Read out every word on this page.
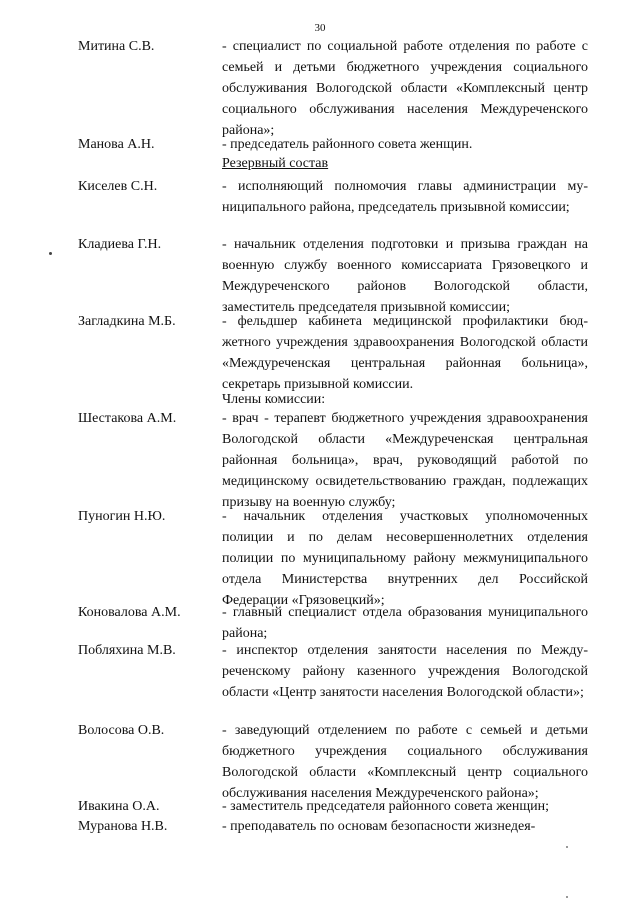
30
Митина С.В.	- специалист по социальной работе отделения по работе с семьей и детьми бюджетного учреждения социального обслуживания Вологодской области «Комплексный центр социального обслуживания населения Междуреченского района»;
Манова А.Н.	- председатель районного совета женщин.
Резервный состав
Киселев С.Н.	- исполняющий полномочия главы администрации муниципального района, председатель призывной комиссии;
Кладиева Г.Н.	- начальник отделения подготовки и призыва граждан на военную службу военного комиссариата Грязовецкого и Междуреченского районов Вологодской области, заместитель председателя призывной комиссии;
Загладкина М.Б.	- фельдшер кабинета медицинской профилактики бюджетного учреждения здравоохранения Вологодской области «Междуреченская центральная районная больница», секретарь призывной комиссии.
Члены комиссии:
Шестакова А.М.	- врач - терапевт бюджетного учреждения здравоохранения Вологодской области «Междуреченская центральная районная больница», врач, руководящий работой по медицинскому освидетельствованию граждан, подлежащих призыву на военную службу;
Пуногин Н.Ю.	- начальник отделения участковых уполномоченных полиции и по делам несовершеннолетних отделения полиции по муниципальному району межмуниципального отдела Министерства внутренних дел Российской Федерации «Грязовецкий»;
Коновалова А.М.	- главный специалист отдела образования муниципального района;
Побляхина М.В.	- инспектор отделения занятости населения по Междуреченскому району казенного учреждения Вологодской области «Центр занятости населения Вологодской области»;
Волосова О.В.	- заведующий отделением по работе с семьей и детьми бюджетного учреждения социального обслуживания Вологодской области «Комплексный центр социального обслуживания населения Междуреченского района»;
Ивакина О.А.	- заместитель председателя районного совета женщин;
Муранова Н.В.	- преподаватель по основам безопасности жизнедея-
